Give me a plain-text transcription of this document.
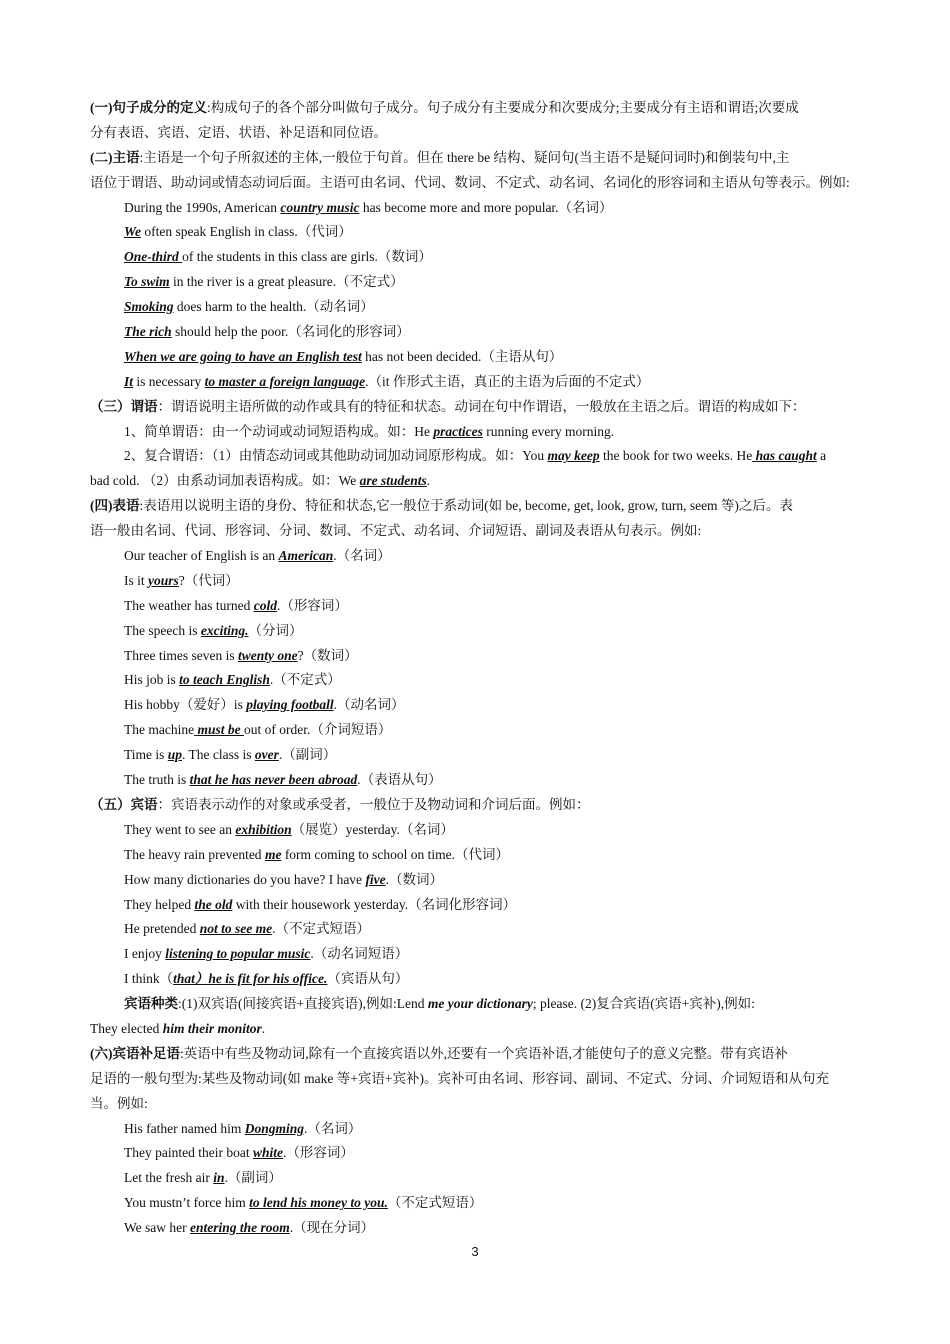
(一)句子成分的定义:构成句子的各个部分叫做句子成分。句子成分有主要成分和次要成分;主要成分有主语和谓语;次要成
分有表语、宾语、定语、状语、补足语和同位语。
(二)主语:主语是一个句子所叙述的主体,一般位于句首。但在 there be 结构、疑问句(当主语不是疑问词时)和倒装句中,主
语位于谓语、助动词或情态动词后面。主语可由名词、代词、数词、不定式、动名词、名词化的形容词和主语从句等表示。例如:
During the 1990s, American country music has become more and more popular.（名词）
We often speak English in class.（代词）
One-third of the students in this class are girls.（数词）
To swim in the river is a great pleasure.（不定式）
Smoking does harm to the health.（动名词）
The rich should help the poor.（名词化的形容词）
When we are going to have an English test has not been decided.（主语从句）
It is necessary to master a foreign language.（it 作形式主语，真正的主语为后面的不定式）
（三）谓语：谓语说明主语所做的动作或具有的特征和状态。动词在句中作谓语，一般放在主语之后。谓语的构成如下：
1、简单谓语：由一个动词或动词短语构成。如：He practices running every morning.
2、复合谓语：（1）由情态动词或其他助动词加动词原形构成。如：You may keep the book for two weeks. He has caught a
bad cold. （2）由系动词加表语构成。如：We are students.
(四)表语:表语用以说明主语的身份、特征和状态,它一般位于系动词(如 be, become, get, look, grow, turn, seem 等)之后。表
语一般由名词、代词、形容词、分词、数词、不定式、动名词、介词短语、副词及表语从句表示。例如:
Our teacher of English is an American.（名词）
Is it yours?（代词）
The weather has turned cold.（形容词）
The speech is exciting.（分词）
Three times seven is twenty one?（数词）
His job is to teach English.（不定式）
His hobby（爱好）is playing football.（动名词）
The machine must be out of order.（介词短语）
Time is up. The class is over.（副词）
The truth is that he has never been abroad.（表语从句）
（五）宾语：宾语表示动作的对象或承受者，一般位于及物动词和介词后面。例如：
They went to see an exhibition（展览）yesterday.（名词）
The heavy rain prevented me form coming to school on time.（代词）
How many dictionaries do you have? I have five.（数词）
They helped the old with their housework yesterday.（名词化形容词）
He pretended not to see me.（不定式短语）
I enjoy listening to popular music.（动名词短语）
I think（that）he is fit for his office.（宾语从句）
宾语种类:(1)双宾语(间接宾语+直接宾语),例如:Lend me your dictionary; please. (2)复合宾语(宾语+宾补),例如:
They elected him their monitor.
(六)宾语补足语:英语中有些及物动词,除有一个直接宾语以外,还要有一个宾语补语,才能使句子的意义完整。带有宾语补
足语的一般句型为:某些及物动词(如 make 等+宾语+宾补)。宾补可由名词、形容词、副词、不定式、分词、介词短语和从句充
当。例如:
His father named him Dongming.（名词）
They painted their boat white.（形容词）
Let the fresh air in.（副词）
You mustn’t force him to lend his money to you.（不定式短语）
We saw her entering the room.（现在分词）
3
